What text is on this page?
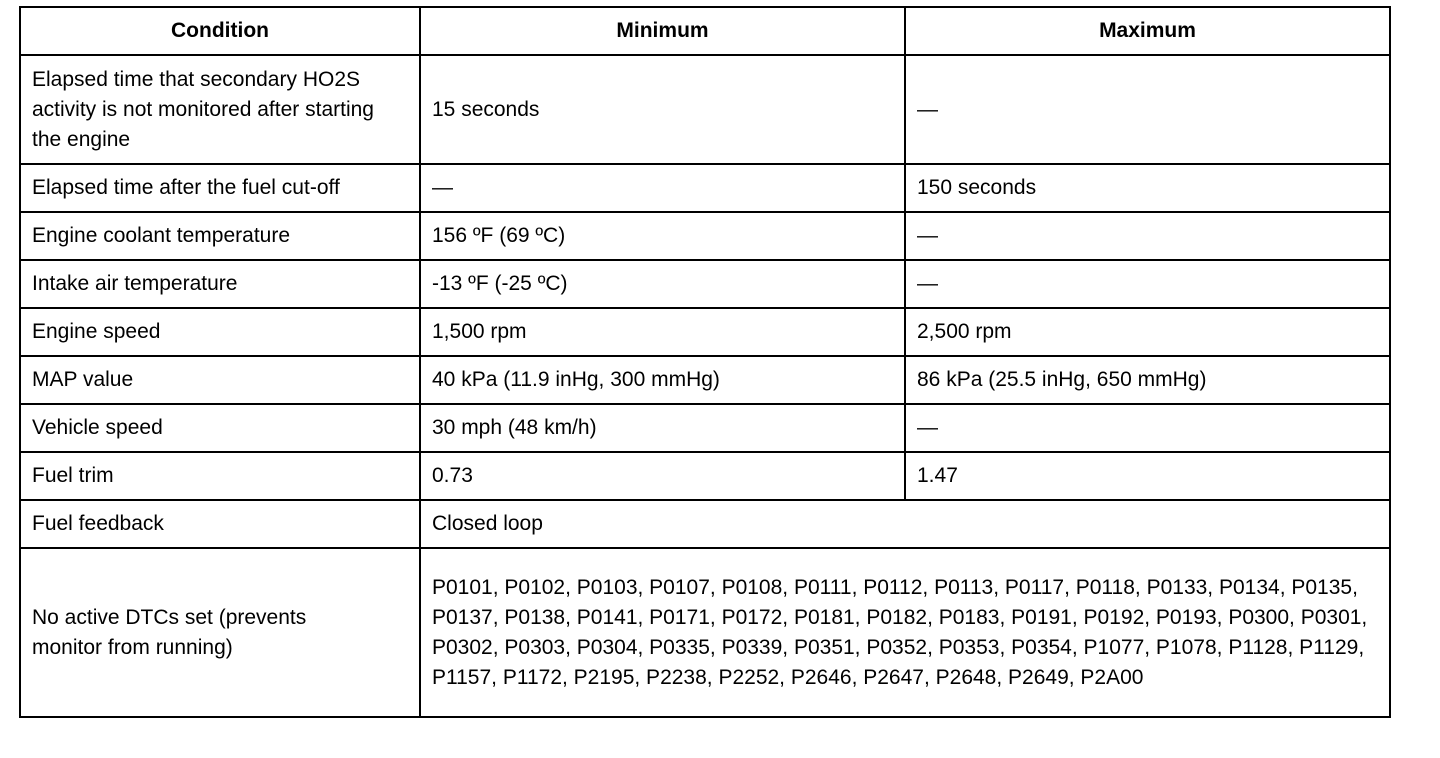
Condition	Minimum	Maximum
Elapsed time that secondary HO2S activity is not monitored after starting the engine	15 seconds	—
Elapsed time after the fuel cut-off	—	150 seconds
Engine coolant temperature	156 ºF (69 ºC)	—
Intake air temperature	-13 ºF (-25 ºC)	—
Engine speed	1,500 rpm	2,500 rpm
MAP value	40 kPa (11.9 inHg, 300 mmHg)	86 kPa (25.5 inHg, 650 mmHg)
Vehicle speed	30 mph (48 km/h)	—
Fuel trim	0.73	1.47
Fuel feedback	Closed loop	
No active DTCs set (prevents monitor from running)	P0101, P0102, P0103, P0107, P0108, P0111, P0112, P0113, P0117, P0118, P0133, P0134, P0135, P0137, P0138, P0141, P0171, P0172, P0181, P0182, P0183, P0191, P0192, P0193, P0300, P0301, P0302, P0303, P0304, P0335, P0339, P0351, P0352, P0353, P0354, P1077, P1078, P1128, P1129, P1157, P1172, P2195, P2238, P2252, P2646, P2647, P2648, P2649, P2A00	
